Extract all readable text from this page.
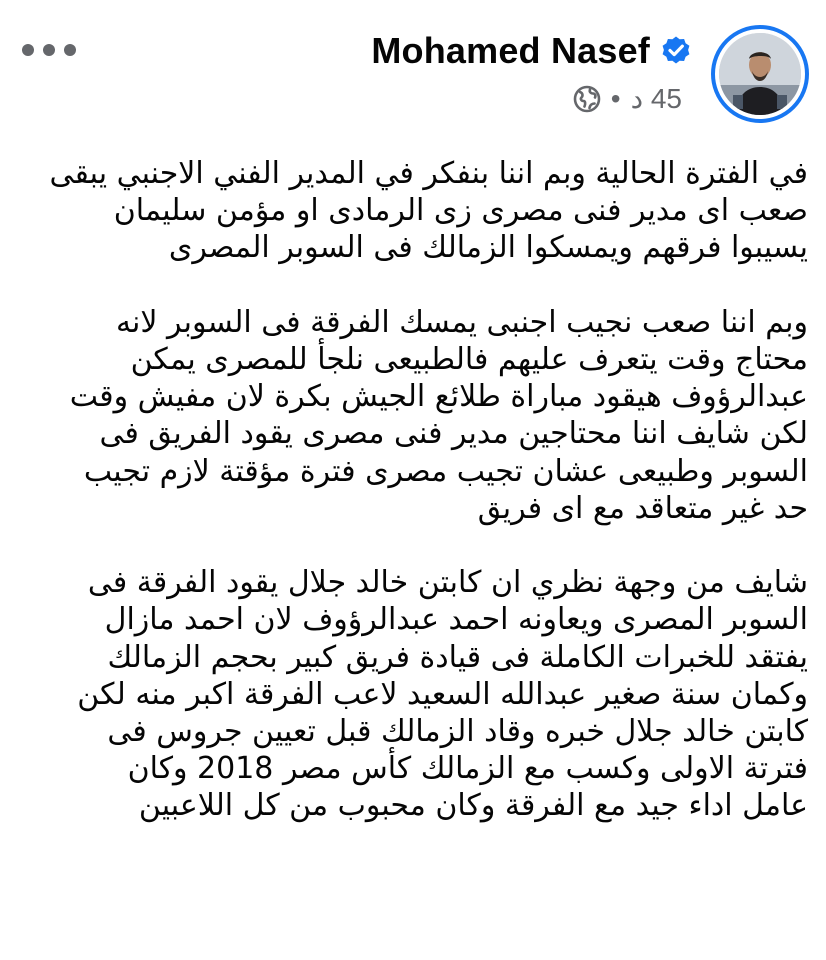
Mohamed Nasef
• 45 د
في الفترة الحالية وبم اننا بنفكر في المدير الفني الاجنبي يبقى
صعب اى مدير فنى مصرى زى الرمادى او مؤمن سليمان
يسيبوا فرقهم ويمسكوا الزمالك فى السوبر المصرى
وبم اننا صعب نجيب اجنبى يمسك الفرقة فى السوبر لانه
محتاج وقت يتعرف عليهم فالطبيعى نلجأ للمصرى يمكن
عبدالرؤوف هيقود مباراة طلائع الجيش بكرة لان مفيش وقت
لكن شايف اننا محتاجين مدير فنى مصرى يقود الفريق فى
السوبر وطبيعى عشان تجيب مصرى فترة مؤقتة لازم تجيب
حد غير متعاقد مع اى فريق
شايف من وجهة نظري ان كابتن خالد جلال يقود الفرقة فى
السوبر المصرى ويعاونه احمد عبدالرؤوف لان احمد مازال
يفتقد للخبرات الكاملة فى قيادة فريق كبير بحجم الزمالك
وكمان سنة صغير عبدالله السعيد لاعب الفرقة اكبر منه لكن
كابتن خالد جلال خبره وقاد الزمالك قبل تعيين جروس فى
فترتة الاولى وكسب مع الزمالك كأس مصر 2018 وكان
عامل اداء جيد مع الفرقة وكان محبوب من كل اللاعبين
